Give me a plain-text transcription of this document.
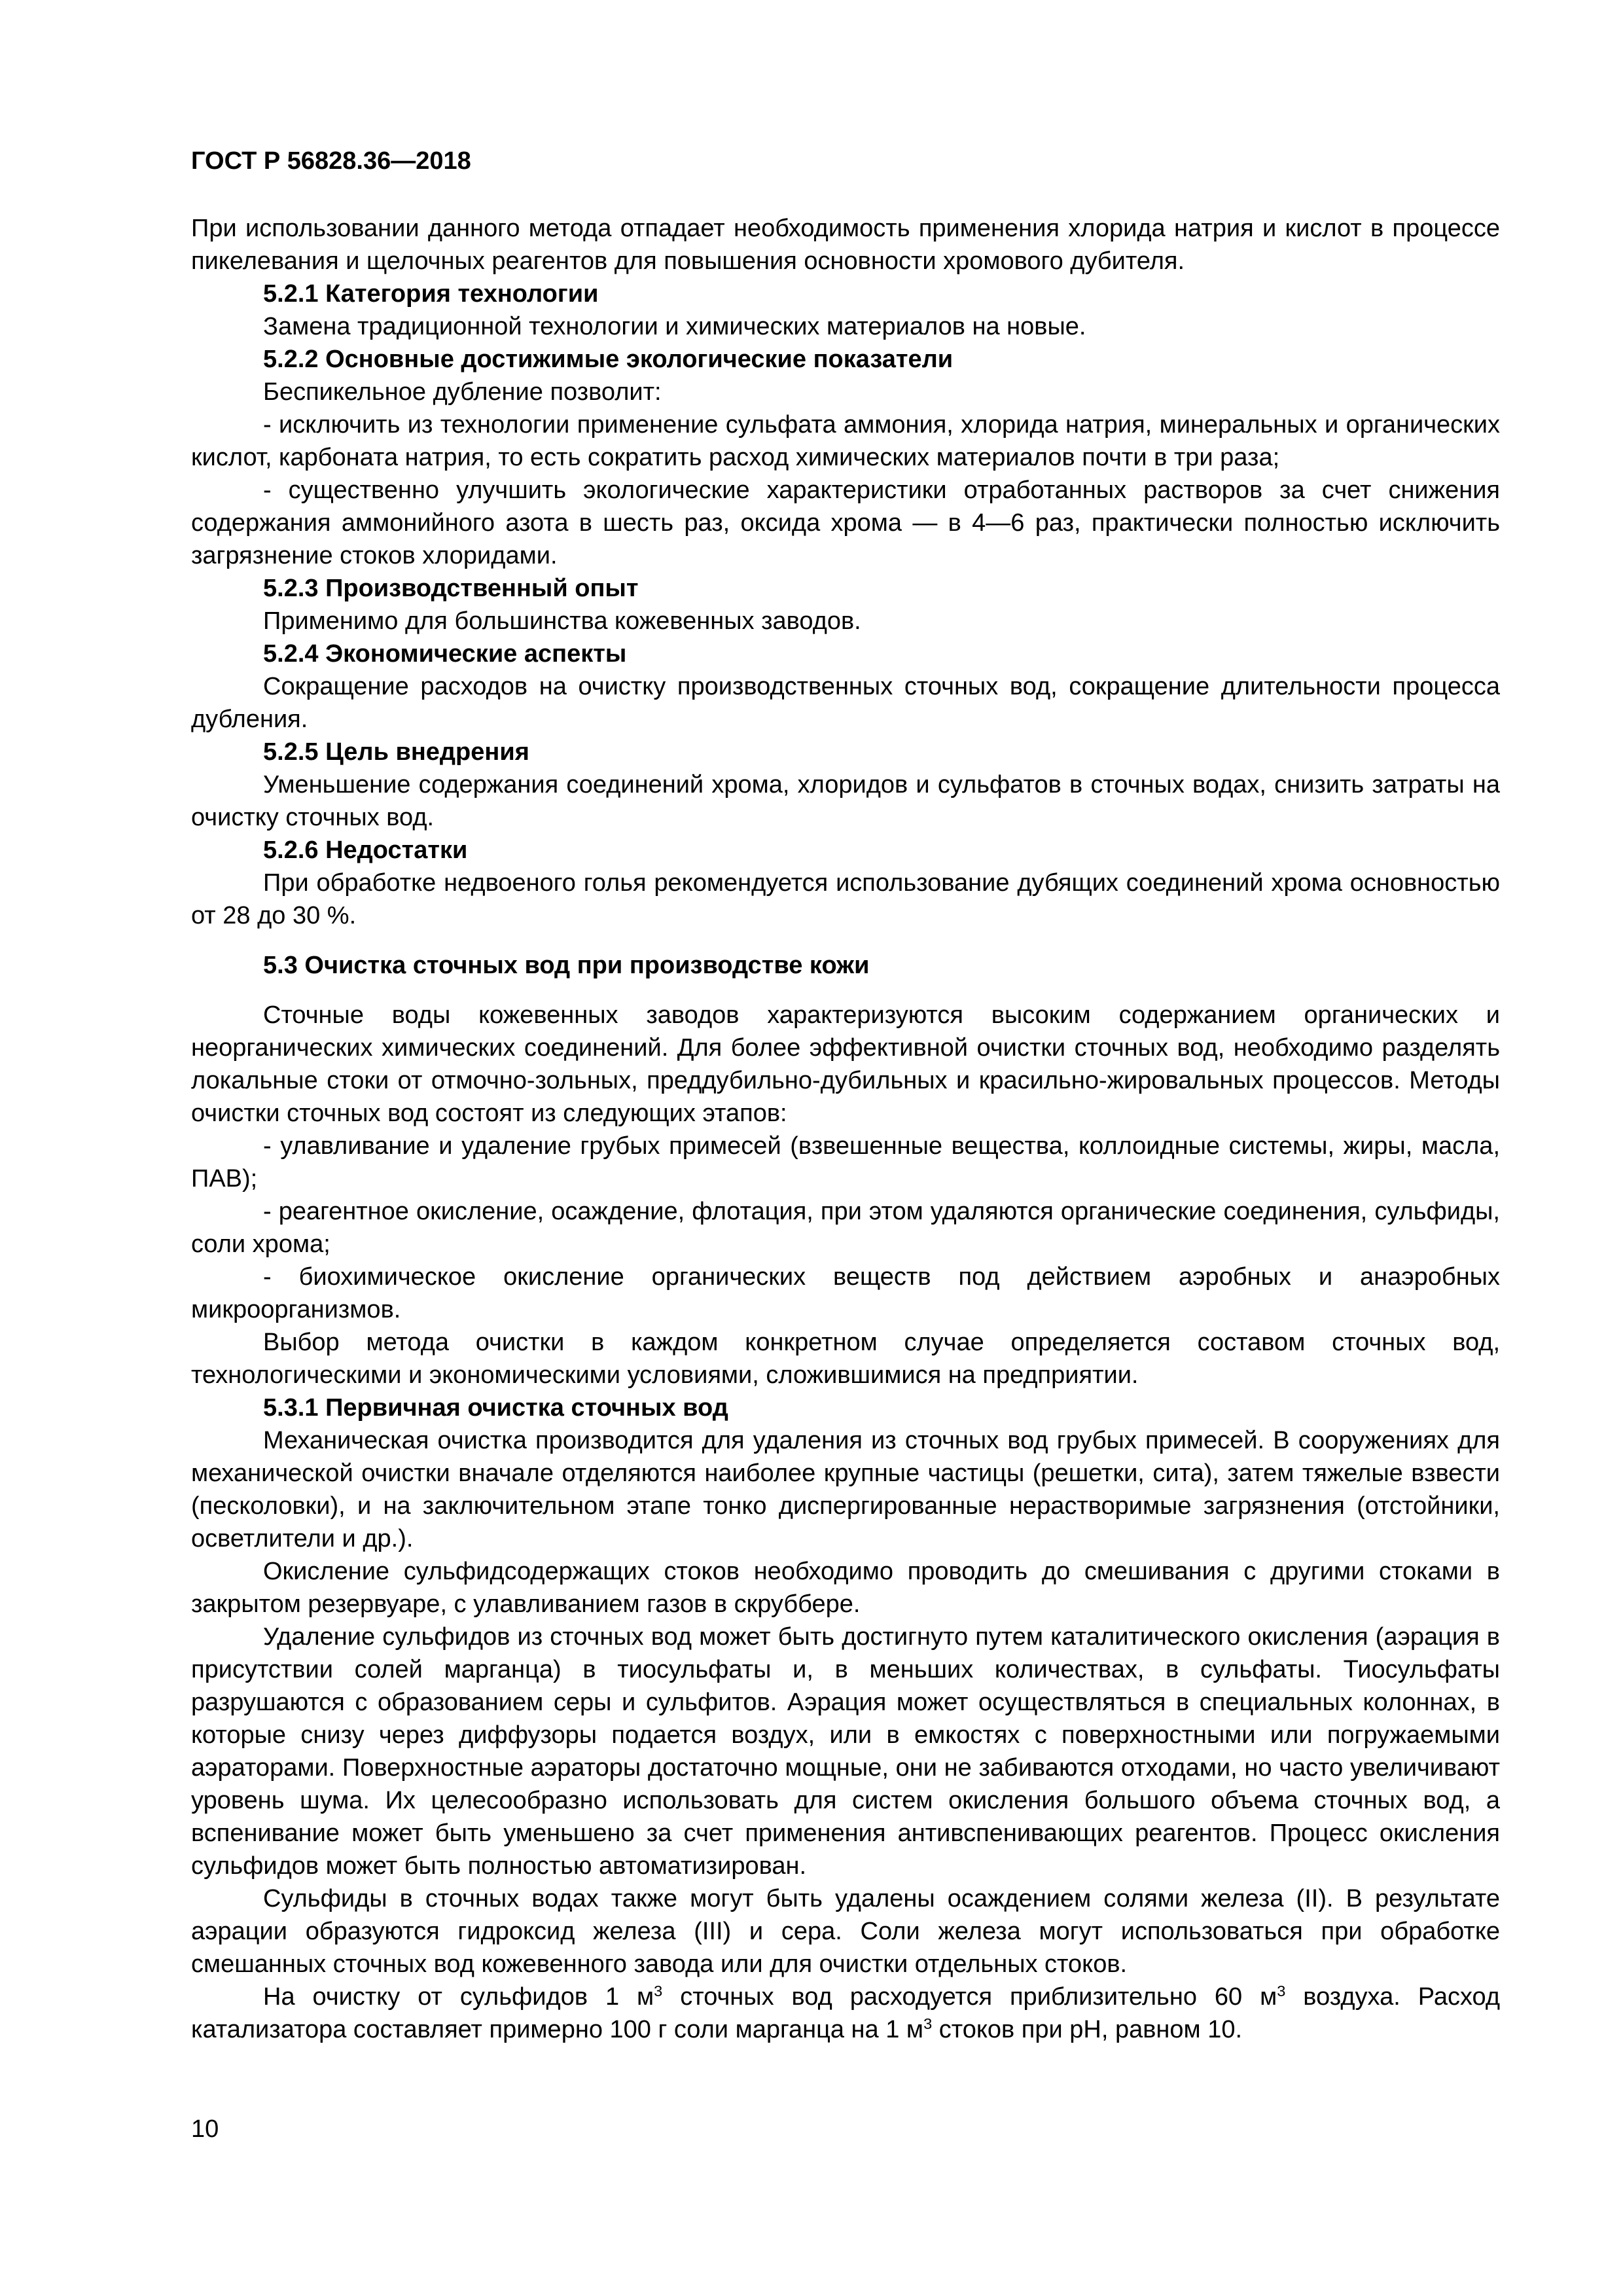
ГОСТ Р 56828.36—2018

При использовании данного метода отпадает необходимость применения хлорида натрия и кислот в процессе пикелевания и щелочных реагентов для повышения основности хромового дубителя.

5.2.1 Категория технологии

Замена традиционной технологии и химических материалов на новые.

5.2.2 Основные достижимые экологические показатели

Беспикельное дубление позволит:

- исключить из технологии применение сульфата аммония, хлорида натрия, минеральных и органических кислот, карбоната натрия, то есть сократить расход химических материалов почти в три раза;

- существенно улучшить экологические характеристики отработанных растворов за счет снижения содержания аммонийного азота в шесть раз, оксида хрома — в 4—6 раз, практически полностью исключить загрязнение стоков хлоридами.

5.2.3 Производственный опыт

Применимо для большинства кожевенных заводов.

5.2.4 Экономические аспекты

Сокращение расходов на очистку производственных сточных вод, сокращение длительности процесса дубления.

5.2.5 Цель внедрения

Уменьшение содержания соединений хрома, хлоридов и сульфатов в сточных водах, снизить затраты на очистку сточных вод.

5.2.6 Недостатки

При обработке недвоеного голья рекомендуется использование дубящих соединений хрома основностью от 28 до 30 %.

5.3 Очистка сточных вод при производстве кожи

Сточные воды кожевенных заводов характеризуются высоким содержанием органических и неорганических химических соединений. Для более эффективной очистки сточных вод, необходимо разделять локальные стоки от отмочно-зольных, преддубильно-дубильных и красильно-жировальных процессов. Методы очистки сточных вод состоят из следующих этапов:

- улавливание и удаление грубых примесей (взвешенные вещества, коллоидные системы, жиры, масла, ПАВ);

- реагентное окисление, осаждение, флотация, при этом удаляются органические соединения, сульфиды, соли хрома;

- биохимическое окисление органических веществ под действием аэробных и анаэробных микроорганизмов.

Выбор метода очистки в каждом конкретном случае определяется составом сточных вод, технологическими и экономическими условиями, сложившимися на предприятии.

5.3.1 Первичная очистка сточных вод

Механическая очистка производится для удаления из сточных вод грубых примесей. В сооружениях для механической очистки вначале отделяются наиболее крупные частицы (решетки, сита), затем тяжелые взвести (песколовки), и на заключительном этапе тонко диспергированные нерастворимые загрязнения (отстойники, осветлители и др.).

Окисление сульфидсодержащих стоков необходимо проводить до смешивания с другими стоками в закрытом резервуаре, с улавливанием газов в скруббере.

Удаление сульфидов из сточных вод может быть достигнуто путем каталитического окисления (аэрация в присутствии солей марганца) в тиосульфаты и, в меньших количествах, в сульфаты. Тиосульфаты разрушаются с образованием серы и сульфитов. Аэрация может осуществляться в специальных колоннах, в которые снизу через диффузоры подается воздух, или в емкостях с поверхностными или погружаемыми аэраторами. Поверхностные аэраторы достаточно мощные, они не забиваются отходами, но часто увеличивают уровень шума. Их целесообразно использовать для систем окисления большого объема сточных вод, а вспенивание может быть уменьшено за счет применения антивспенивающих реагентов. Процесс окисления сульфидов может быть полностью автоматизирован.

Сульфиды в сточных водах также могут быть удалены осаждением солями железа (II). В результате аэрации образуются гидроксид железа (III) и сера. Соли железа могут использоваться при обработке смешанных сточных вод кожевенного завода или для очистки отдельных стоков.

На очистку от сульфидов 1 $м^3$ сточных вод расходуется приблизительно 60 $м^3$ воздуха. Расход катализатора составляет примерно 100 г соли марганца на 1 $м^3$ стоков при pH, равном 10.

10
